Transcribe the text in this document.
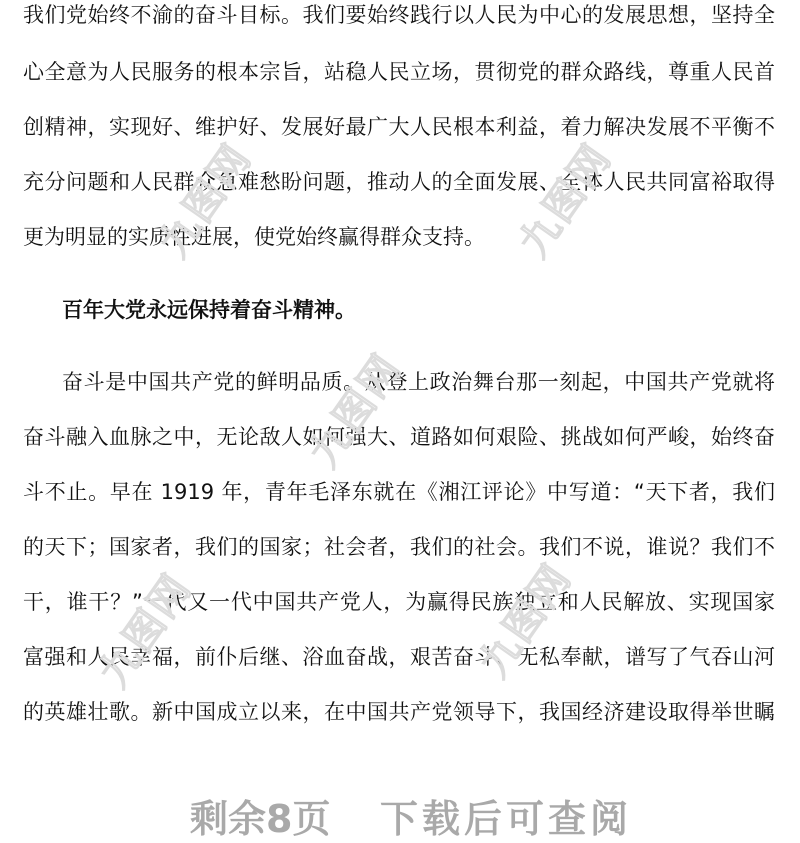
我们党始终不渝的奋斗目标。我们要始终践行以人民为中心的发展思想，坚持全
心全意为人民服务的根本宗旨，站稳人民立场，贯彻党的群众路线，尊重人民首
创精神，实现好、维护好、发展好最广大人民根本利益，着力解决发展不平衡不
充分问题和人民群众急难愁盼问题，推动人的全面发展、全体人民共同富裕取得
更为明显的实质性进展，使党始终赢得群众支持。
百年大党永远保持着奋斗精神。
奋斗是中国共产党的鲜明品质。从登上政治舞台那一刻起，中国共产党就将
奋斗融入血脉之中，无论敌人如何强大、道路如何艰险、挑战如何严峻，始终奋
斗不止。早在 1919 年，青年毛泽东就在《湘江评论》中写道：“天下者，我们
的天下；国家者，我们的国家；社会者，我们的社会。我们不说，谁说？我们不
干，谁干？”一代又一代中国共产党人，为赢得民族独立和人民解放、实现国家
富强和人民幸福，前仆后继、浴血奋战，艰苦奋斗、无私奉献，谱写了气吞山河
的英雄壮歌。新中国成立以来，在中国共产党领导下，我国经济建设取得举世瞩
九图网	九图网
九图网
九图网	九图网
剩余8页 下载后可查阅
